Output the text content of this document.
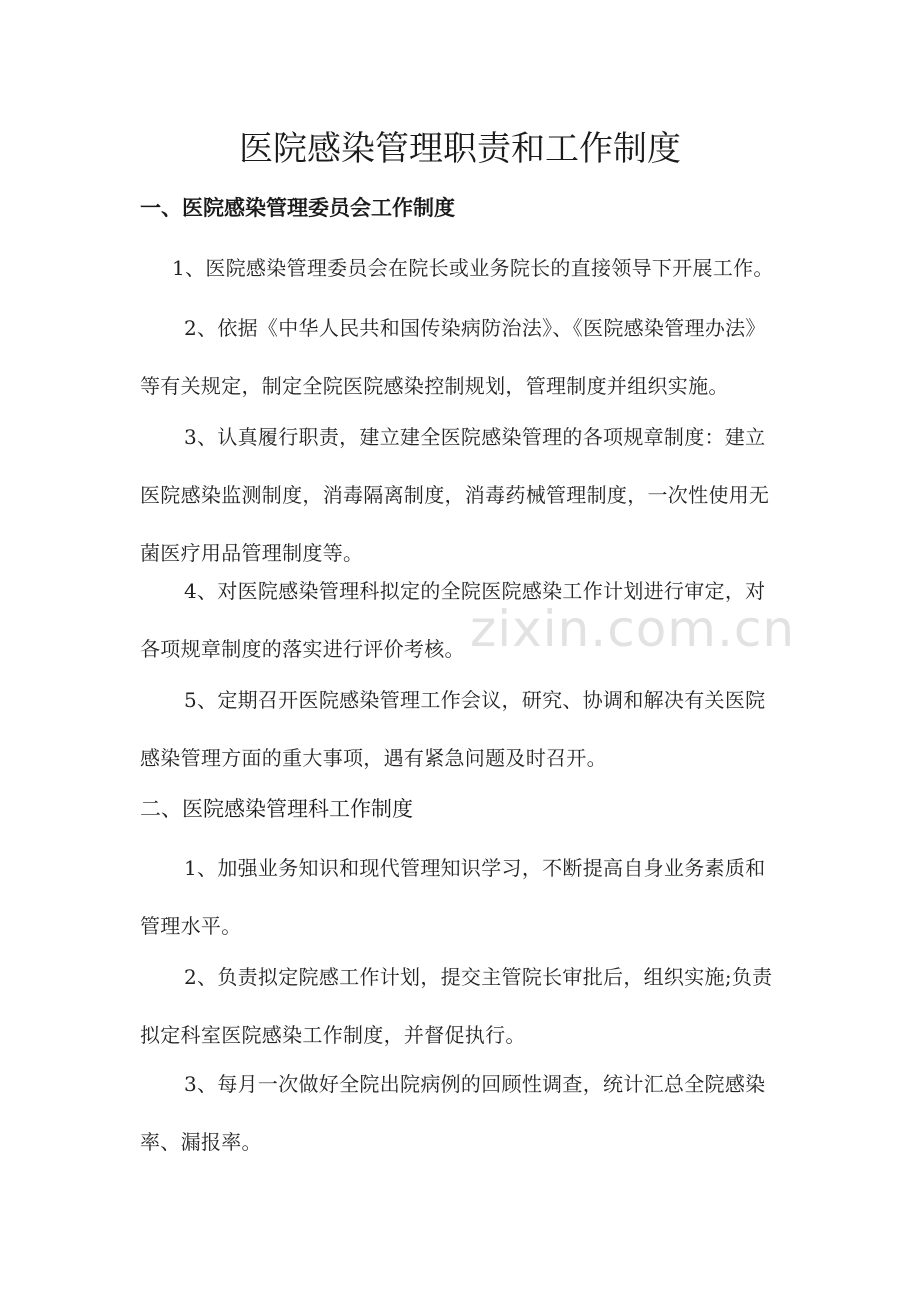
医院感染管理职责和工作制度
一、医院感染管理委员会工作制度

1、医院感染管理委员会在院长或业务院长的直接领导下开展工作。

2、依据《中华人民共和国传染病防治法》、《医院感染管理办法》等有关规定，制定全院医院感染控制规划，管理制度并组织实施。

3、认真履行职责，建立建全医院感染管理的各项规章制度：建立医院感染监测制度，消毒隔离制度，消毒药械管理制度，一次性使用无菌医疗用品管理制度等。

4、对医院感染管理科拟定的全院医院感染工作计划进行审定，对各项规章制度的落实进行评价考核。

5、定期召开医院感染管理工作会议，研究、协调和解决有关医院感染管理方面的重大事项，遇有紧急问题及时召开。

二、医院感染管理科工作制度

1、加强业务知识和现代管理知识学习，不断提高自身业务素质和管理水平。

2、负责拟定院感工作计划，提交主管院长审批后，组织实施;负责拟定科室医院感染工作制度，并督促执行。

3、每月一次做好全院出院病例的回顾性调查，统计汇总全院感染率、漏报率。

zixin.com.cn
